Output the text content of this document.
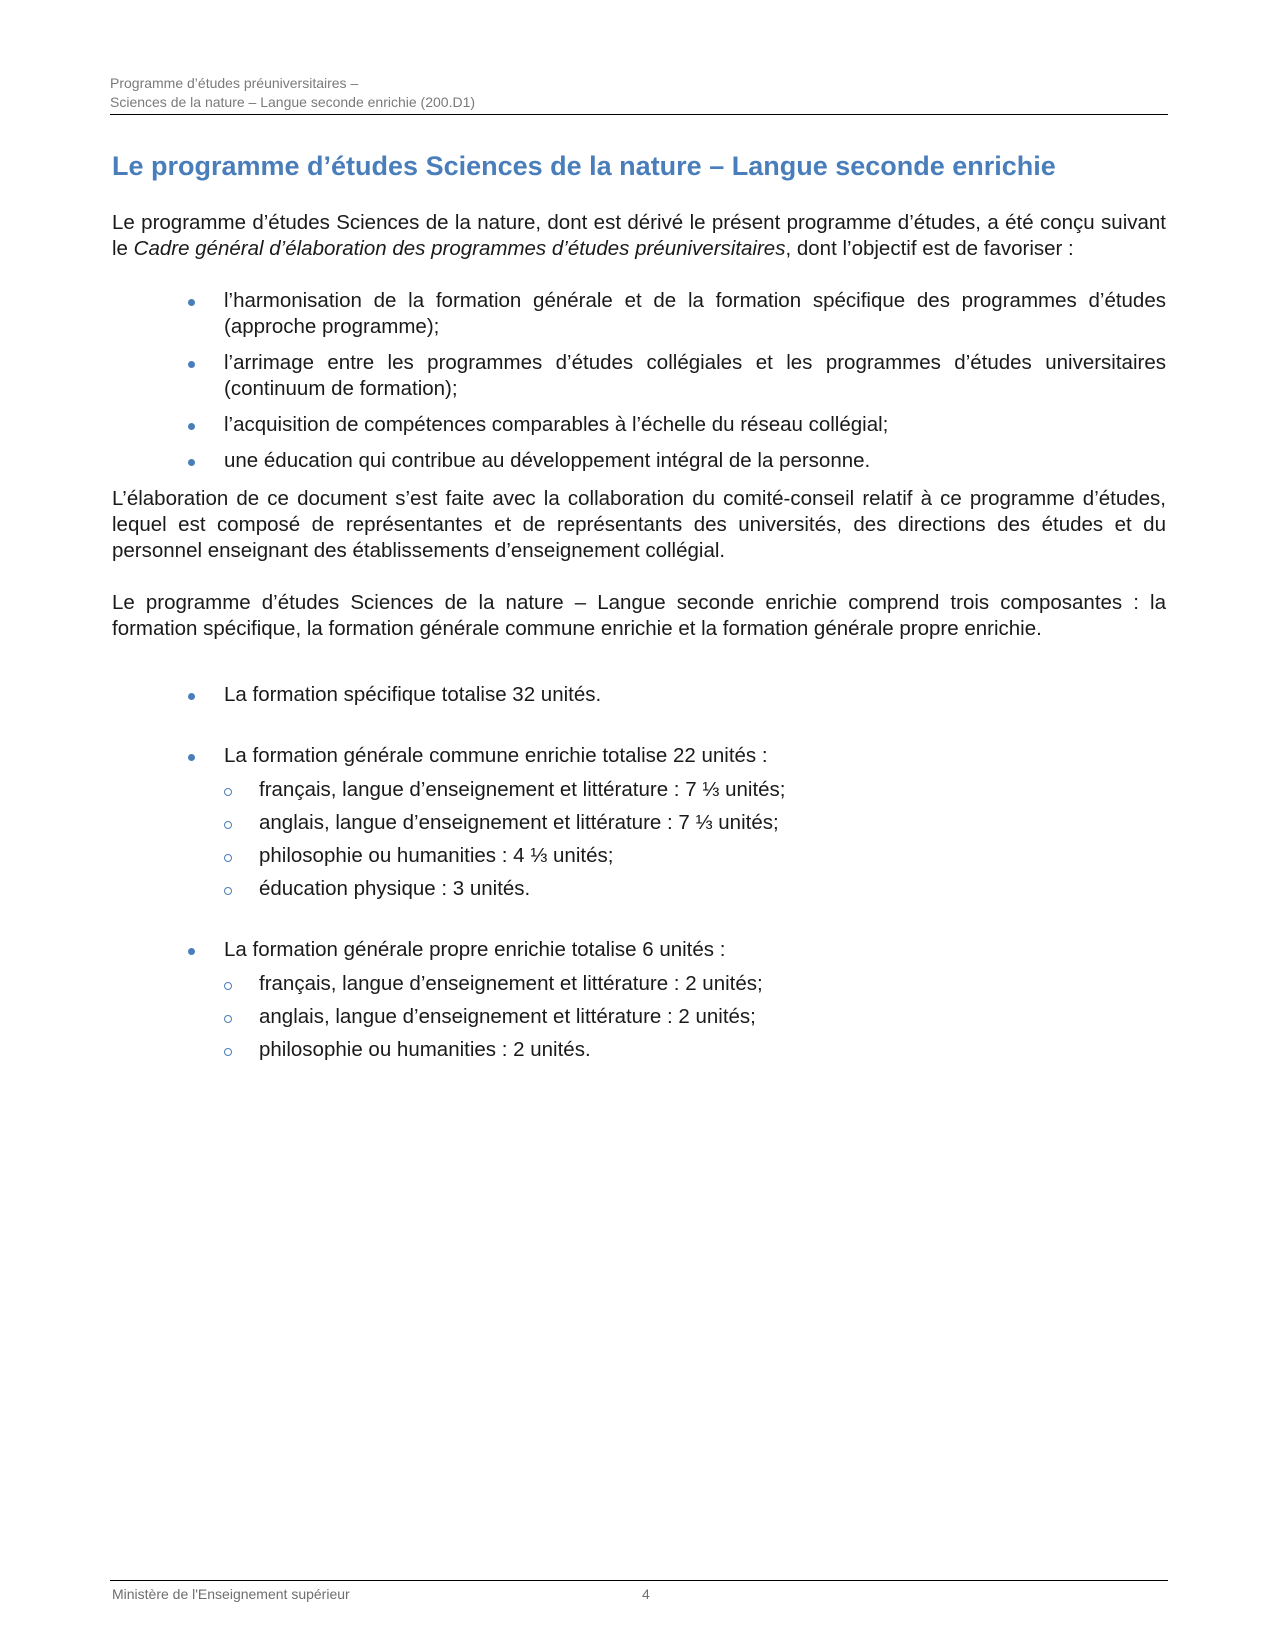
Programme d’études préuniversitaires –
Sciences de la nature – Langue seconde enrichie (200.D1)
Le programme d’études Sciences de la nature – Langue seconde enrichie

Le programme d’études Sciences de la nature, dont est dérivé le présent programme d’études, a été conçu suivant le Cadre général d’élaboration des programmes d’études préuniversitaires, dont l’objectif est de favoriser :

l’harmonisation de la formation générale et de la formation spécifique des programmes d’études (approche programme);
l’arrimage entre les programmes d’études collégiales et les programmes d’études universitaires (continuum de formation);
l’acquisition de compétences comparables à l’échelle du réseau collégial;
une éducation qui contribue au développement intégral de la personne.

L’élaboration de ce document s’est faite avec la collaboration du comité-conseil relatif à ce programme d’études, lequel est composé de représentantes et de représentants des universités, des directions des études et du personnel enseignant des établissements d’enseignement collégial.

Le programme d’études Sciences de la nature – Langue seconde enrichie comprend trois composantes : la formation spécifique, la formation générale commune enrichie et la formation générale propre enrichie.

La formation spécifique totalise 32 unités.
La formation générale commune enrichie totalise 22 unités :
français, langue d’enseignement et littérature : 7 ⅓ unités;
anglais, langue d’enseignement et littérature : 7 ⅓ unités;
philosophie ou humanities : 4 ⅓ unités;
éducation physique : 3 unités.
La formation générale propre enrichie totalise 6 unités :
français, langue d’enseignement et littérature : 2 unités;
anglais, langue d’enseignement et littérature : 2 unités;
philosophie ou humanities : 2 unités.
Ministère de l'Enseignement supérieur	4
